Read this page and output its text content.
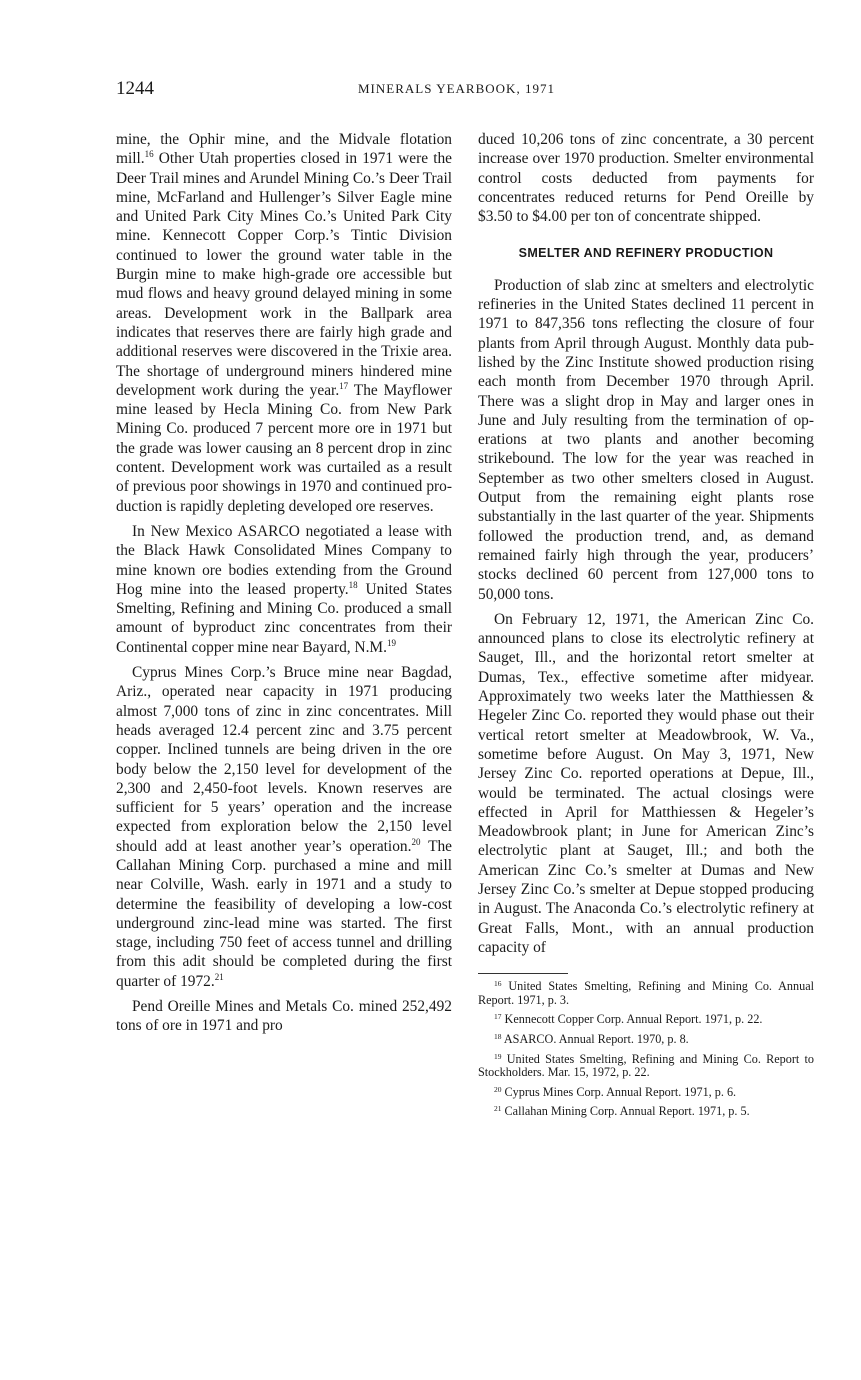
1244	MINERALS YEARBOOK, 1971

mine, the Ophir mine, and the Midvale flotation mill.$^{16}$ Other Utah properties closed in 1971 were the Deer Trail mines and Arundel Mining Co.’s Deer Trail mine, McFarland and Hullenger’s Silver Eagle mine and United Park City Mines Co.’s United Park City mine. Kennecott Copper Corp.’s Tintic Division continued to lower the ground water table in the Burgin mine to make high-grade ore accessible but mud flows and heavy ground delayed mining in some areas. Development work in the Ballpark area indicates that reserves there are fairly high grade and additional reserves were discovered in the Trixie area. The shortage of underground miners hindered mine development work during the year.$^{17}$ The Mayflower mine leased by Hecla Mining Co. from New Park Mining Co. produced 7 percent more ore in 1971 but the grade was lower causing an 8 percent drop in zinc content. Development work was curtailed as a result of previous poor showings in 1970 and continued production is rapidly depleting developed ore reserves.

In New Mexico ASARCO negotiated a lease with the Black Hawk Consolidated Mines Company to mine known ore bodies extending from the Ground Hog mine into the leased property.$^{18}$ United States Smelting, Refining and Mining Co. produced a small amount of byproduct zinc concentrates from their Continental copper mine near Bayard, N.M.$^{19}$

Cyprus Mines Corp.’s Bruce mine near Bagdad, Ariz., operated near capacity in 1971 producing almost 7,000 tons of zinc in zinc concentrates. Mill heads averaged 12.4 percent zinc and 3.75 percent copper. Inclined tunnels are being driven in the ore body below the 2,150 level for development of the 2,300 and 2,450-foot levels. Known reserves are sufficient for 5 years’ operation and the increase expected from exploration below the 2,150 level should add at least another year’s operation.$^{20}$ The Callahan Mining Corp. purchased a mine and mill near Colville, Wash. early in 1971 and a study to determine the feasibility of developing a low-cost underground zinc-lead mine was started. The first stage, including 750 feet of access tunnel and drilling from this adit should be completed during the first quarter of 1972.21

Pend Oreille Mines and Metals Co. mined 252,492 tons of ore in 1971 and pro

duced 10,206 tons of zinc concentrate, a 30 percent increase over 1970 production. Smelter environmental control costs deducted from payments for concentrates reduced returns for Pend Oreille by $3.50 to $4.00 per ton of concentrate shipped.

SMELTER AND REFINERY PRODUCTION

Production of slab zinc at smelters and electrolytic refineries in the United States declined 11 percent in 1971 to 847,356 tons reflecting the closure of four plants from April through August. Monthly data published by the Zinc Institute showed production rising each month from December 1970 through April. There was a slight drop in May and larger ones in June and July resulting from the termination of operations at two plants and another becoming strikebound. The low for the year was reached in September as two other smelters closed in August. Output from the remaining eight plants rose substantially in the last quarter of the year. Shipments followed the production trend, and, as demand remained fairly high through the year, producers’ stocks declined 60 percent from 127,000 tons to 50,000 tons.

On February 12, 1971, the American Zinc Co. announced plans to close its electrolytic refinery at Sauget, Ill., and the horizontal retort smelter at Dumas, Tex., effective sometime after midyear. Approximately two weeks later the Matthiessen & Hegeler Zinc Co. reported they would phase out their vertical retort smelter at Meadowbrook, W. Va., sometime before August. On May 3, 1971, New Jersey Zinc Co. reported operations at Depue, Ill., would be terminated. The actual closings were effected in April for Matthiessen & Hegeler’s Meadowbrook plant; in June for American Zinc’s electrolytic plant at Sauget, Ill.; and both the American Zinc Co.’s smelter at Dumas and New Jersey Zinc Co.’s smelter at Depue stopped producing in August. The Anaconda Co.’s electrolytic refinery at Great Falls, Mont., with an annual production capacity of

$^{16}$ United States Smelting, Refining and Mining Co. Annual Report. 1971, p. 3.

$^{17}$ Kennecott Copper Corp. Annual Report. 1971, p. 22.

$^{18}$ ASARCO. Annual Report. 1970, p. 8.

$^{19}$ United States Smelting, Refining and Mining Co. Report to Stockholders. Mar. 15, 1972, p. 22.

$^{20}$ Cyprus Mines Corp. Annual Report. 1971, p. 6.

$^{21}$ Callahan Mining Corp. Annual Report. 1971, p. 5.
